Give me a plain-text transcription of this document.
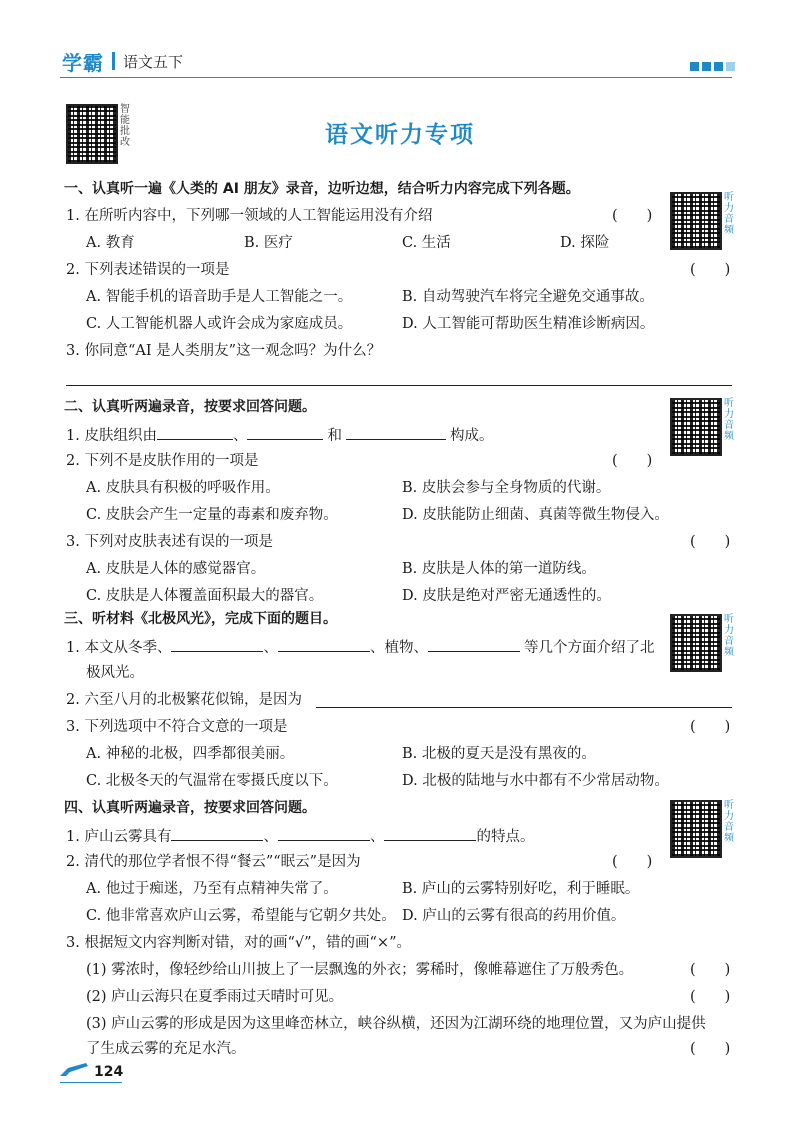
学霸 语文五下
智能批改	语文听力专项
一、认真听一遍《人类的 AI 朋友》录音，边听边想，结合听力内容完成下列各题。
听力音频
1. 在所听内容中，下列哪一领域的人工智能运用没有介绍	(　　)
A. 教育	B. 医疗	C. 生活	D. 探险
2. 下列表述错误的一项是	(　　)
A. 智能手机的语音助手是人工智能之一。	B. 自动驾驶汽车将完全避免交通事故。
C. 人工智能机器人或许会成为家庭成员。	D. 人工智能可帮助医生精准诊断病因。
3. 你同意“AI 是人类朋友”这一观念吗？为什么？
二、认真听两遍录音，按要求回答问题。	听力音频
1. 皮肤组织由	、	和	构成。
2. 下列不是皮肤作用的一项是	(　　)
A. 皮肤具有积极的呼吸作用。	B. 皮肤会参与全身物质的代谢。
C. 皮肤会产生一定量的毒素和废弃物。	D. 皮肤能防止细菌、真菌等微生物侵入。
3. 下列对皮肤表述有误的一项是	(　　)
A. 皮肤是人体的感觉器官。	B. 皮肤是人体的第一道防线。
C. 皮肤是人体覆盖面积最大的器官。	D. 皮肤是绝对严密无通透性的。
三、听材料《北极风光》，完成下面的题目。	听力音频
1. 本文从冬季、	、	、植物、	等几个方面介绍了北
极风光。
2. 六至八月的北极繁花似锦，是因为
3. 下列选项中不符合文意的一项是	(　　)
A. 神秘的北极，四季都很美丽。	B. 北极的夏天是没有黑夜的。
C. 北极冬天的气温常在零摄氏度以下。	D. 北极的陆地与水中都有不少常居动物。
四、认真听两遍录音，按要求回答问题。	听力音频
1. 庐山云雾具有	、	、	的特点。
2. 清代的那位学者恨不得“餐云”“眠云”是因为	(　　)
A. 他过于痴迷，乃至有点精神失常了。	B. 庐山的云雾特别好吃，利于睡眠。
C. 他非常喜欢庐山云雾，希望能与它朝夕共处。 D. 庐山的云雾有很高的药用价值。
3. 根据短文内容判断对错，对的画“√”，错的画“×”。
(1) 雾浓时，像轻纱给山川披上了一层飘逸的外衣；雾稀时，像帷幕遮住了万般秀色。	(　　)
(2) 庐山云海只在夏季雨过天晴时可见。	(　　)
(3) 庐山云雾的形成是因为这里峰峦林立，峡谷纵横，还因为江湖环绕的地理位置，又为庐山提供
了生成云雾的充足水汽。	(　　)
124
